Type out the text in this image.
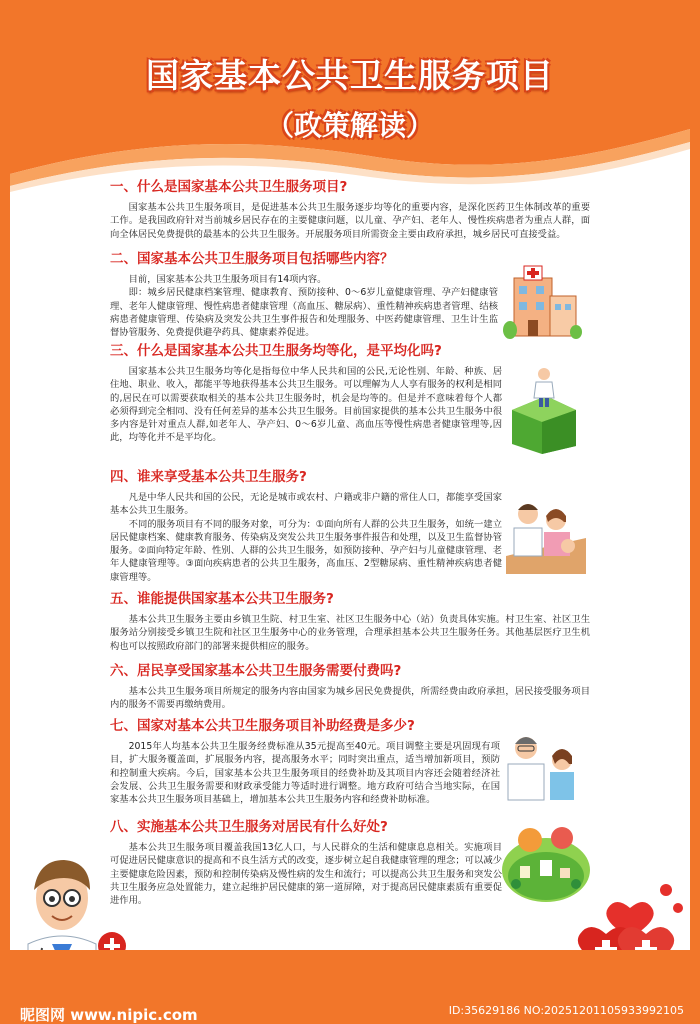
国家基本公共卫生服务项目
（政策解读）
一、什么是国家基本公共卫生服务项目?

国家基本公共卫生服务项目，是促进基本公共卫生服务逐步均等化的重要内容，是深化医药卫生体制改革的重要工作。是我国政府针对当前城乡居民存在的主要健康问题，以儿童、孕产妇、老年人、慢性疾病患者为重点人群，面向全体居民免费提供的最基本的公共卫生服务。开展服务项目所需资金主要由政府承担，城乡居民可直接受益。

二、国家基本公共卫生服务项目包括哪些内容？

目前，国家基本公共卫生服务项目有14项内容。

即：城乡居民健康档案管理、健康教育、预防接种、0～6岁儿童健康管理、孕产妇健康管理、老年人健康管理、慢性病患者健康管理（高血压、糖尿病）、重性精神疾病患者管理、结核病患者健康管理、传染病及突发公共卫生事件报告和处理服务、中医药健康管理、卫生计生监督协管服务、免费提供避孕药具、健康素养促进。

三、什么是国家基本公共卫生服务均等化，是平均化吗?

国家基本公共卫生服务均等化是指每位中华人民共和国的公民,无论性别、年龄、种族、居住地、职业、收入，都能平等地获得基本公共卫生服务。可以理解为人人享有服务的权利是相同的,居民在可以需要获取相关的基本公共卫生服务时，机会是均等的。但是并不意味着每个人都必须得到完全相同、没有任何差异的基本公共卫生服务。目前国家提供的基本公共卫生服务中很多内容是针对重点人群,如老年人、孕产妇、0～6岁儿童、高血压等慢性病患者健康管理等,因此，均等化并不是平均化。

四、谁来享受基本公共卫生服务?

凡是中华人民共和国的公民，无论是城市或农村、户籍或非户籍的常住人口，都能享受国家基本公共卫生服务。

不同的服务项目有不同的服务对象，可分为：①面向所有人群的公共卫生服务，如统一建立居民健康档案、健康教育服务、传染病及突发公共卫生服务事件报告和处理，以及卫生监督协管服务。②面向特定年龄、性别、人群的公共卫生服务，如预防接种、孕产妇与儿童健康管理、老年人健康管理等。③面向疾病患者的公共卫生服务，高血压、2型糖尿病、重性精神疾病患者健康管理等。

五、谁能提供国家基本公共卫生服务?

基本公共卫生服务主要由乡镇卫生院、村卫生室、社区卫生服务中心（站）负责具体实施。村卫生室、社区卫生服务站分别接受乡镇卫生院和社区卫生服务中心的业务管理，合理承担基本公共卫生服务任务。其他基层医疗卫生机构也可以按照政府部门的部署来提供相应的服务。

六、居民享受国家基本公共卫生服务需要付费吗?

基本公共卫生服务项目所规定的服务内容由国家为城乡居民免费提供，所需经费由政府承担，居民接受服务项目内的服务不需要再缴纳费用。

七、国家对基本公共卫生服务项目补助经费是多少?

2015年人均基本公共卫生服务经费标准从35元提高至40元。项目调整主要是巩固现有项目，扩大服务覆盖面，扩展服务内容，提高服务水平；同时突出重点，适当增加新项目，预防和控制重大疾病。今后，国家基本公共卫生服务项目的经费补助及其项目内容还会随着经济社会发展、公共卫生服务需要和财政承受能力等适时进行调整。地方政府可结合当地实际，在国家基本公共卫生服务项目基础上，增加基本公共卫生服务内容和经费补助标准。

八、实施基本公共卫生服务对居民有什么好处?

基本公共卫生服务项目覆盖我国13亿人口，与人民群众的生活和健康息息相关。实施项目可促进居民健康意识的提高和不良生活方式的改变，逐步树立起自我健康管理的理念；可以减少主要健康危险因素，预防和控制传染病及慢性病的发生和流行；可以提高公共卫生服务和突发公共卫生服务应急处置能力，建立起维护居民健康的第一道屏障，对于提高居民健康素质有重要促进作用。

昵图网 www.nipic.com	ID:35629186 NO:20251201105933992105
